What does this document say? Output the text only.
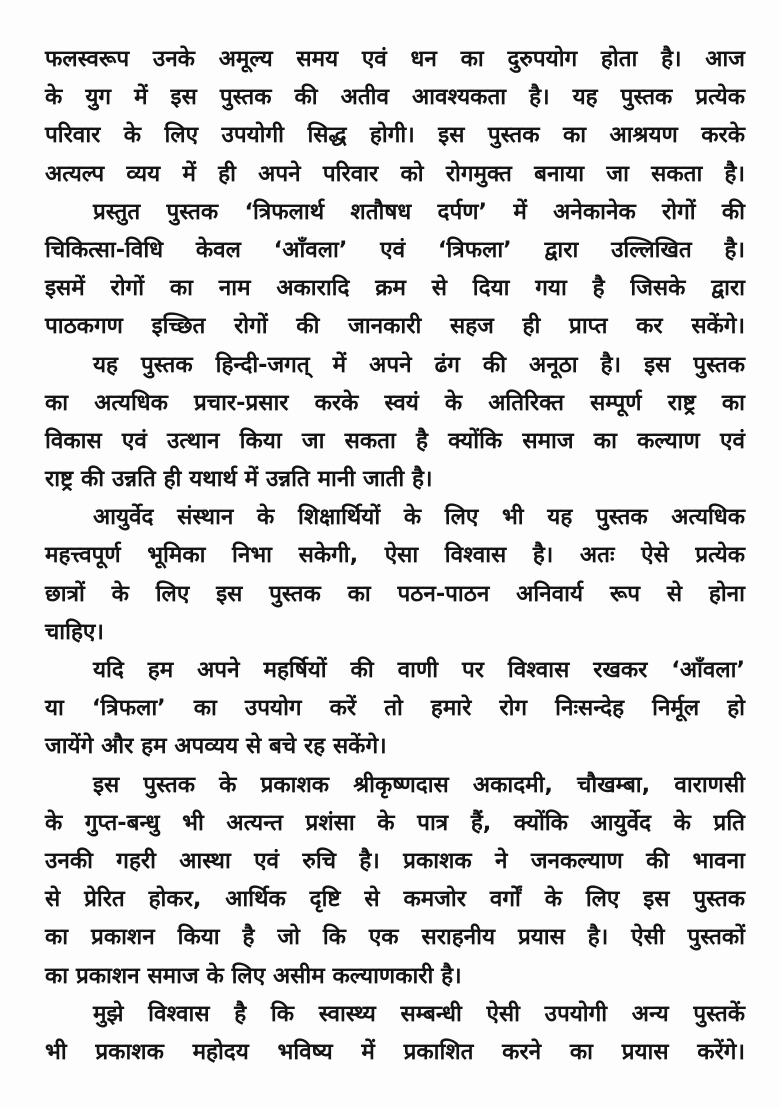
फलस्वरूप उनके अमूल्य समय एवं धन का दुरुपयोग होता है। आज
के युग में इस पुस्तक की अतीव आवश्यकता है। यह पुस्तक प्रत्येक
परिवार के लिए उपयोगी सिद्ध होगी। इस पुस्तक का आश्रयण करके
अत्यल्प व्यय में ही अपने परिवार को रोगमुक्त बनाया जा सकता है।
प्रस्तुत पुस्तक ‘त्रिफलार्थ शतौषध दर्पण’ में अनेकानेक रोगों की
चिकित्सा-विधि केवल ‘आँवला’ एवं ‘त्रिफला’ द्वारा उल्लिखित है।
इसमें रोगों का नाम अकारादि क्रम से दिया गया है जिसके द्वारा
पाठकगण इच्छित रोगों की जानकारी सहज ही प्राप्त कर सकेंगे।
यह पुस्तक हिन्दी-जगत् में अपने ढंग की अनूठा है। इस पुस्तक
का अत्यधिक प्रचार-प्रसार करके स्वयं के अतिरिक्त सम्पूर्ण राष्ट्र का
विकास एवं उत्थान किया जा सकता है क्योंकि समाज का कल्याण एवं
राष्ट्र की उन्नति ही यथार्थ में उन्नति मानी जाती है।
आयुर्वेद संस्थान के शिक्षार्थियों के लिए भी यह पुस्तक अत्यधिक
महत्त्वपूर्ण भूमिका निभा सकेगी, ऐसा विश्वास है। अतः ऐसे प्रत्येक
छात्रों के लिए इस पुस्तक का पठन-पाठन अनिवार्य रूप से होना
चाहिए।
यदि हम अपने महर्षियों की वाणी पर विश्वास रखकर ‘आँवला’
या ‘त्रिफला’ का उपयोग करें तो हमारे रोग निःसन्देह निर्मूल हो
जायेंगे और हम अपव्यय से बचे रह सकेंगे।
इस पुस्तक के प्रकाशक श्रीकृष्णदास अकादमी, चौखम्बा, वाराणसी
के गुप्त-बन्धु भी अत्यन्त प्रशंसा के पात्र हैं, क्योंकि आयुर्वेद के प्रति
उनकी गहरी आस्था एवं रुचि है। प्रकाशक ने जनकल्याण की भावना
से प्रेरित होकर, आर्थिक दृष्टि से कमजोर वर्गों के लिए इस पुस्तक
का प्रकाशन किया है जो कि एक सराहनीय प्रयास है। ऐसी पुस्तकों
का प्रकाशन समाज के लिए असीम कल्याणकारी है।
मुझे विश्वास है कि स्वास्थ्य सम्बन्धी ऐसी उपयोगी अन्य पुस्तकें
भी प्रकाशक महोदय भविष्य में प्रकाशित करने का प्रयास करेंगे।
